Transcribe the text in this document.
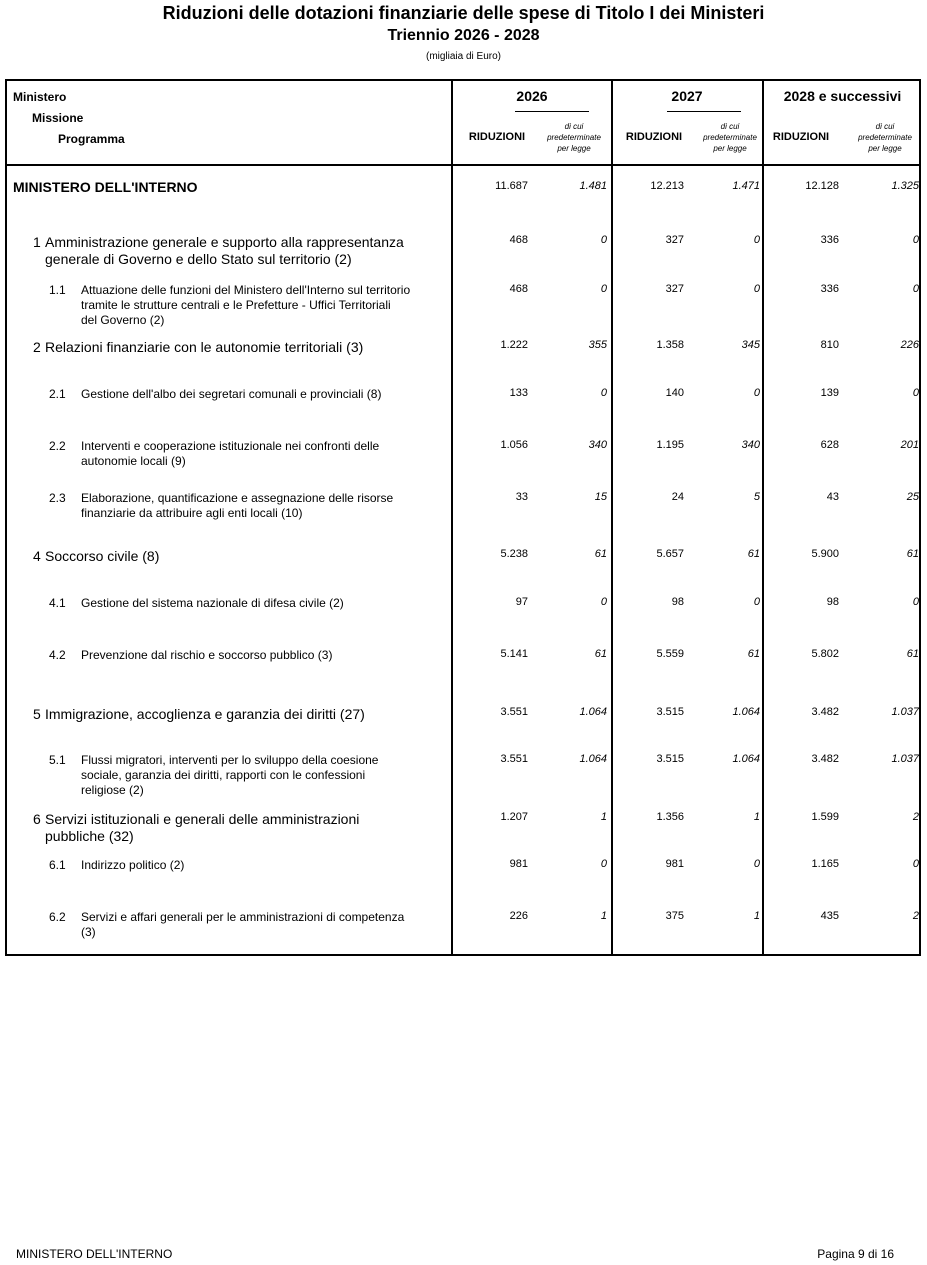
Riduzioni delle dotazioni finanziarie delle spese di Titolo I dei Ministeri
Triennio 2026 - 2028
(migliaia di Euro)
Ministero
Missione
Programma
2026	2027	2028 e successivi
RIDUZIONI
di cui
predeterminate
per legge
RIDUZIONI
di cui
predeterminate
per legge
RIDUZIONI
di cui
predeterminate
per legge
MINISTERO DELL'INTERNO	11.687	1.481	12.213	1.471	12.128	1.325
1 Amministrazione generale e supporto alla rappresentanza
generale di Governo e dello Stato sul territorio (2)
468	0	327	0	336	0
1.1 Attuazione delle funzioni del Ministero dell'Interno sul territorio
tramite le strutture centrali e le Prefetture - Uffici Territoriali
del Governo (2)
468	0	327	0	336	0
2 Relazioni finanziarie con le autonomie territoriali (3)	1.222	355	1.358	345	810	226
2.1 Gestione dell'albo dei segretari comunali e provinciali (8)	133	0	140	0	139	0
2.2 Interventi e cooperazione istituzionale nei confronti delle
autonomie locali (9)
1.056	340	1.195	340	628	201
2.3 Elaborazione, quantificazione e assegnazione delle risorse
finanziarie da attribuire agli enti locali (10)
33	15	24	5	43	25
4 Soccorso civile (8)	5.238	61	5.657	61	5.900	61
4.1 Gestione del sistema nazionale di difesa civile (2)	97	0	98	0	98	0
4.2 Prevenzione dal rischio e soccorso pubblico (3)	5.141	61	5.559	61	5.802	61
5 Immigrazione, accoglienza e garanzia dei diritti (27)	3.551	1.064	3.515	1.064	3.482	1.037
5.1 Flussi migratori, interventi per lo sviluppo della coesione
sociale, garanzia dei diritti, rapporti con le confessioni
religiose (2)
3.551	1.064	3.515	1.064	3.482	1.037
6 Servizi istituzionali e generali delle amministrazioni
pubbliche (32)
1.207	1	1.356	1	1.599	2
6.1 Indirizzo politico (2)	981	0	981	0	1.165	0
6.2 Servizi e affari generali per le amministrazioni di competenza
(3)
226	1	375	1	435	2
MINISTERO DELL'INTERNO	Pagina 9 di 16
